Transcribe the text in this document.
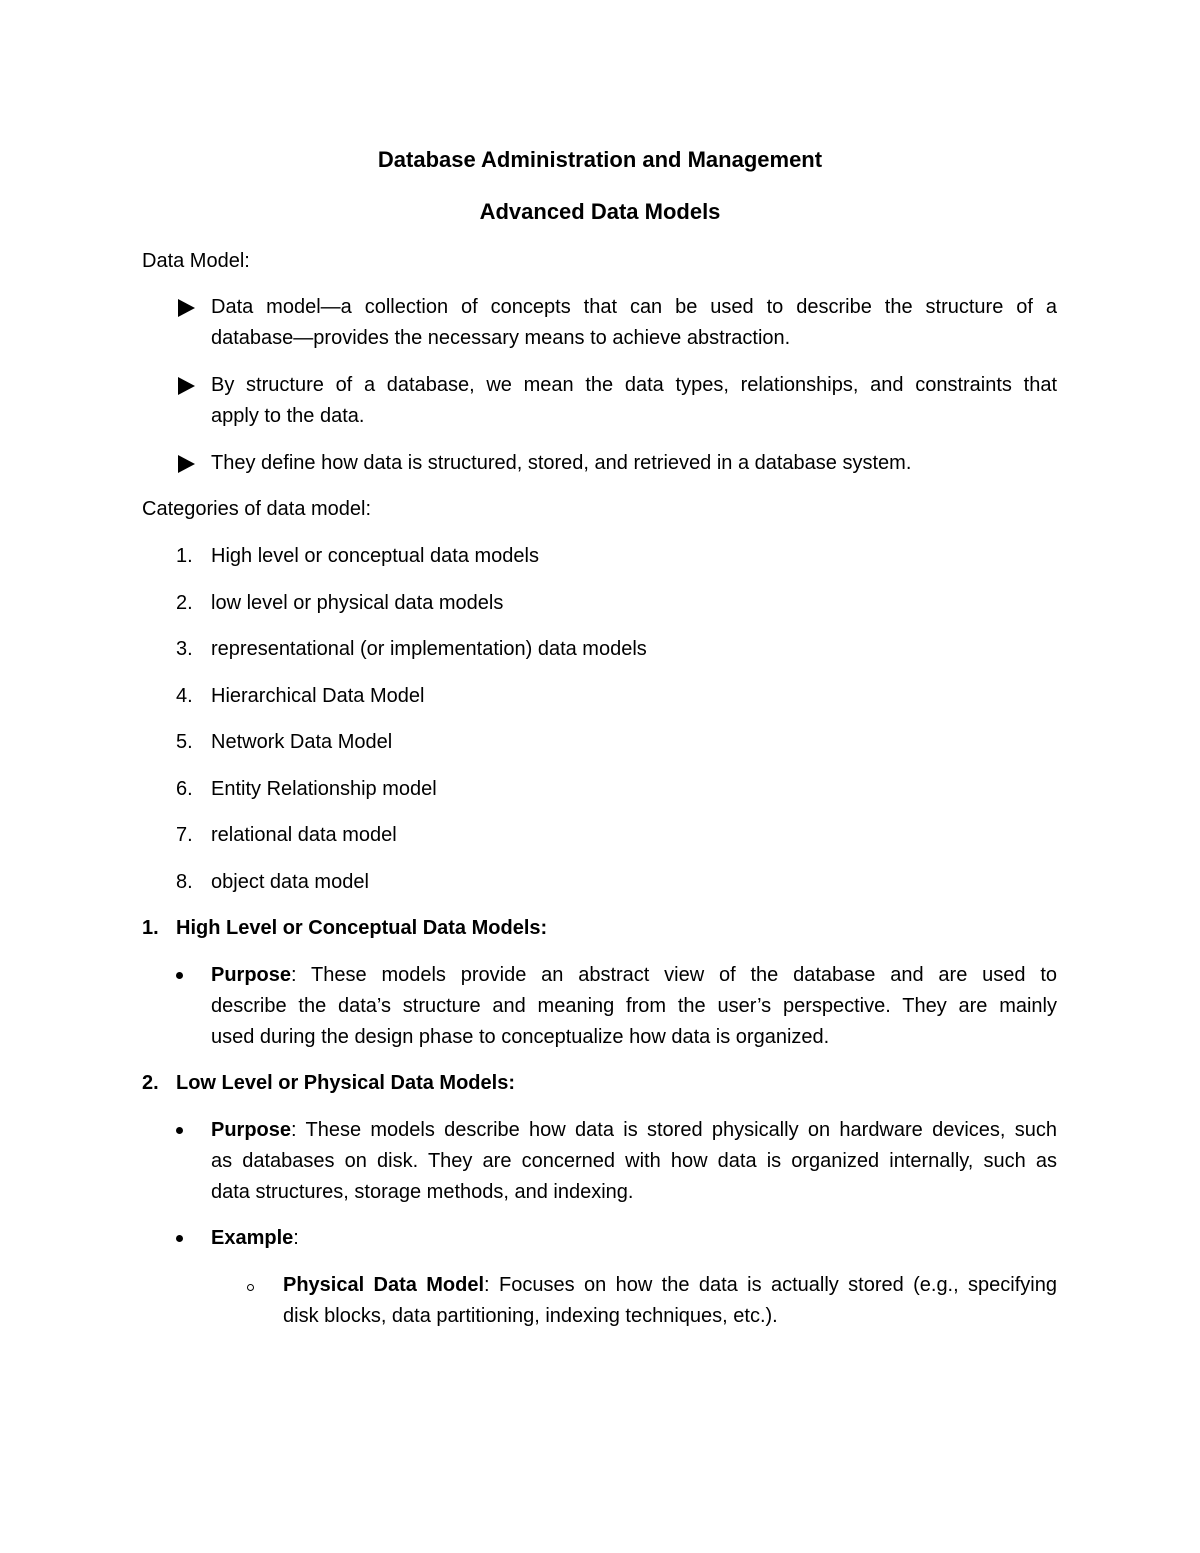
Database Administration and Management
Advanced Data Models
Data Model:
Data model—a collection of concepts that can be used to describe the structure of a
database—provides the necessary means to achieve abstraction.
By structure of a database, we mean the data types, relationships, and constraints that
apply to the data.
They define how data is structured, stored, and retrieved in a database system.
Categories of data model:
1. High level or conceptual data models
2. low level or physical data models
3. representational (or implementation) data models
4. Hierarchical Data Model
5. Network Data Model
6. Entity Relationship model
7. relational data model
8. object data model
1. High Level or Conceptual Data Models:
Purpose: These models provide an abstract view of the database and are used to
describe the data’s structure and meaning from the user’s perspective. They are mainly
used during the design phase to conceptualize how data is organized.
2. Low Level or Physical Data Models:
Purpose: These models describe how data is stored physically on hardware devices, such
as databases on disk. They are concerned with how data is organized internally, such as
data structures, storage methods, and indexing.
Example:
Physical Data Model: Focuses on how the data is actually stored (e.g., specifying
disk blocks, data partitioning, indexing techniques, etc.).
